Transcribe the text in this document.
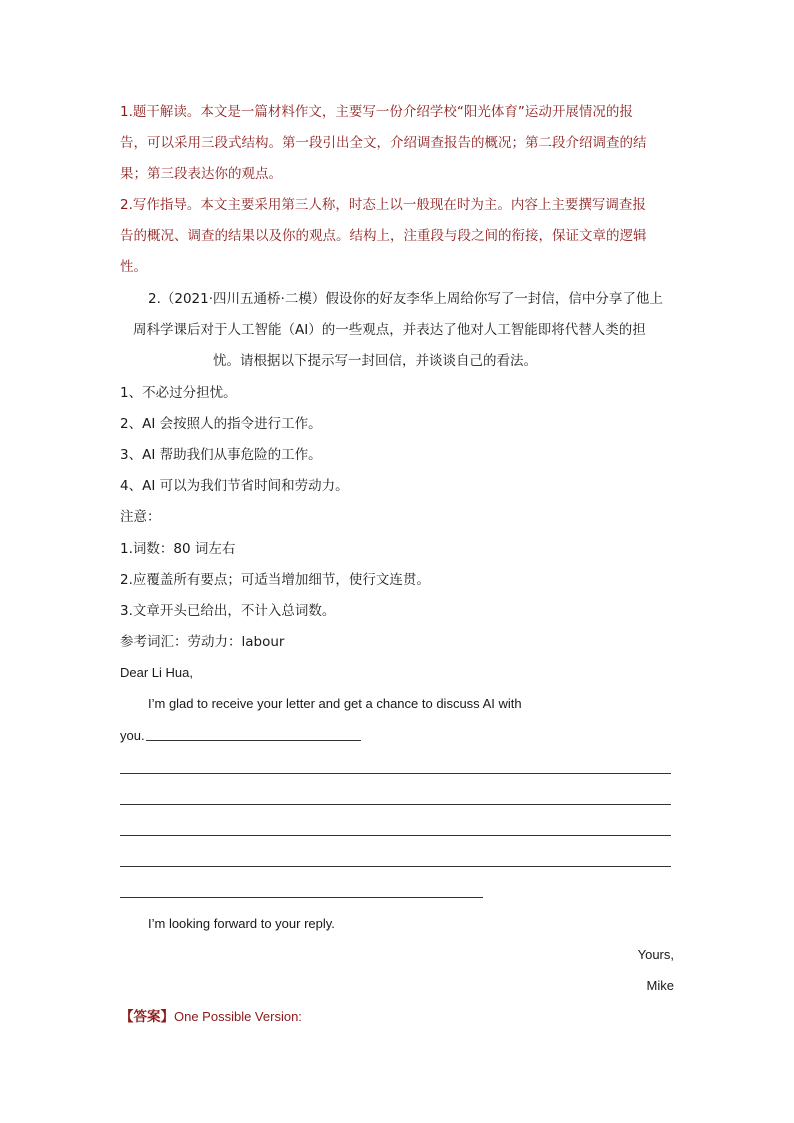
1.题干解读。本文是一篇材料作文，主要写一份介绍学校“阳光体育”运动开展情况的报
告，可以采用三段式结构。第一段引出全文，介绍调查报告的概况；第二段介绍调查的结
果；第三段表达你的观点。
2.写作指导。本文主要采用第三人称，时态上以一般现在时为主。内容上主要撰写调查报
告的概况、调查的结果以及你的观点。结构上，注重段与段之间的衔接，保证文章的逻辑
性。
2.（2021·四川五通桥·二模）假设你的好友李华上周给你写了一封信，信中分享了他上
周科学课后对于人工智能（AI）的一些观点，并表达了他对人工智能即将代替人类的担
忧。请根据以下提示写一封回信，并谈谈自己的看法。
1、不必过分担忧。
2、AI 会按照人的指令进行工作。
3、AI 帮助我们从事危险的工作。
4、AI 可以为我们节省时间和劳动力。
注意：
1.词数：80 词左右
2.应覆盖所有要点；可适当增加细节，使行文连贯。
3.文章开头已给出，不计入总词数。
参考词汇：劳动力：labour
Dear Li Hua,
I’m glad to receive your letter and get a chance to discuss AI with
you.
I’m looking forward to your reply.
Yours,
Mike
【答案】One Possible Version:
